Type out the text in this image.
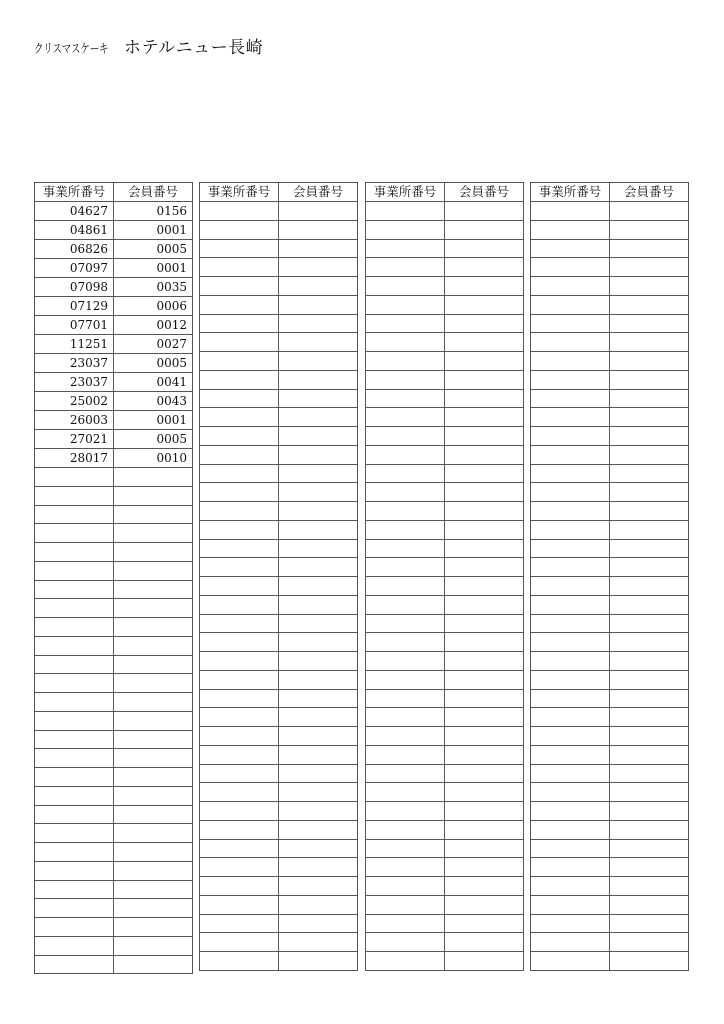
クリスマスケーキ ホテルニュー長崎
事業所番号	会員番号
04627	0156
04861	0001
06826	0005
07097	0001
07098	0035
07129	0006
07701	0012
11251	0027
23037	0005
23037	0041
25002	0043
26003	0001
27021	0005
28017	0010

事業所番号	会員番号

	事業所番号	会員番号

	事業所番号	会員番号
